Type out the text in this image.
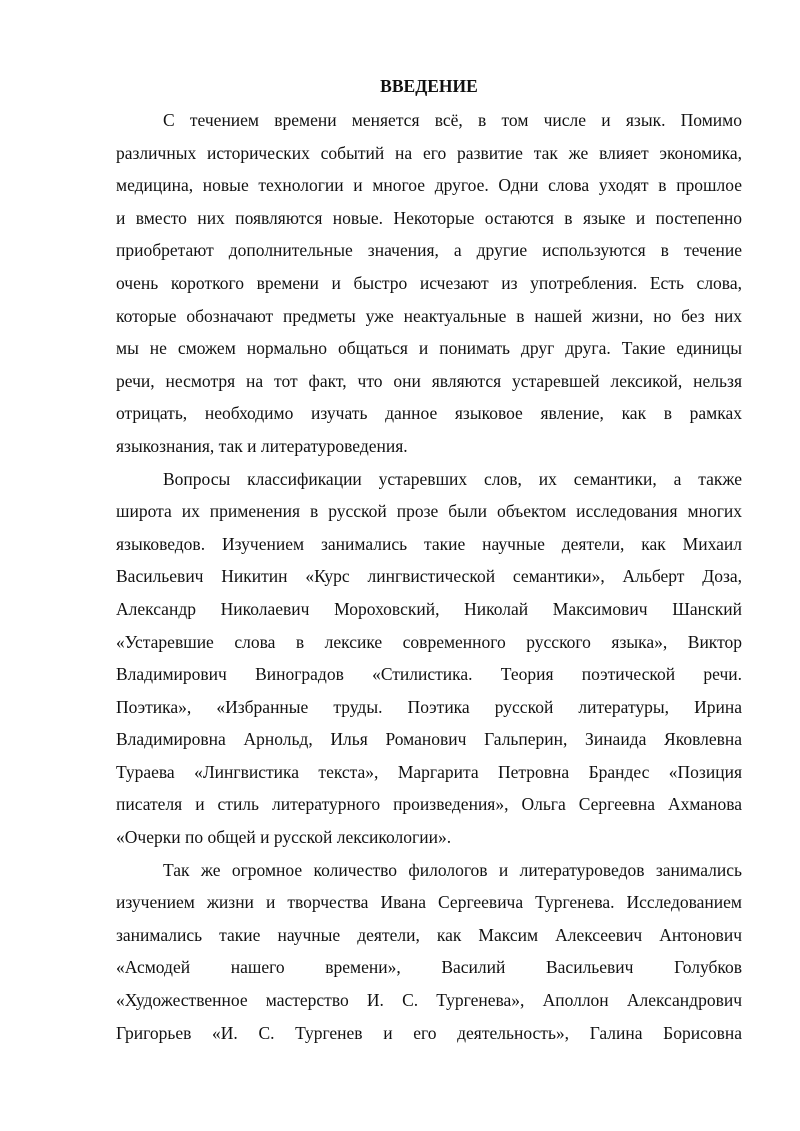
ВВЕДЕНИЕ
С течением времени меняется всё, в том числе и язык. Помимо
различных исторических событий на его развитие так же влияет экономика,
медицина, новые технологии и многое другое. Одни слова уходят в прошлое
и вместо них появляются новые. Некоторые остаются в языке и постепенно
приобретают дополнительные значения, а другие используются в течение
очень короткого времени и быстро исчезают из употребления. Есть слова,
которые обозначают предметы уже неактуальные в нашей жизни, но без них
мы не сможем нормально общаться и понимать друг друга. Такие единицы
речи, несмотря на тот факт, что они являются устаревшей лексикой, нельзя
отрицать, необходимо изучать данное языковое явление, как в рамках
языкознания, так и литературоведения.
Вопросы классификации устаревших слов, их семантики, а также
широта их применения в русской прозе были объектом исследования многих
языковедов. Изучением занимались такие научные деятели, как Михаил
Васильевич Никитин «Курс лингвистической семантики», Альберт Доза,
Александр Николаевич Мороховский, Николай Максимович Шанский
«Устаревшие слова в лексике современного русского языка», Виктор
Владимирович Виноградов «Стилистика. Теория поэтической речи.
Поэтика», «Избранные труды. Поэтика русской литературы, Ирина
Владимировна Арнольд, Илья Романович Гальперин, Зинаида Яковлевна
Тураева «Лингвистика текста», Маргарита Петровна Брандес «Позиция
писателя и стиль литературного произведения», Ольга Сергеевна Ахманова
«Очерки по общей и русской лексикологии».
Так же огромное количество филологов и литературоведов занимались
изучением жизни и творчества Ивана Сергеевича Тургенева. Исследованием
занимались такие научные деятели, как Максим Алексеевич Антонович
«Асмодей нашего времени», Василий Васильевич Голубков
«Художественное мастерство И. С. Тургенева», Аполлон Александрович
Григорьев «И. С. Тургенев и его деятельность», Галина Борисовна
